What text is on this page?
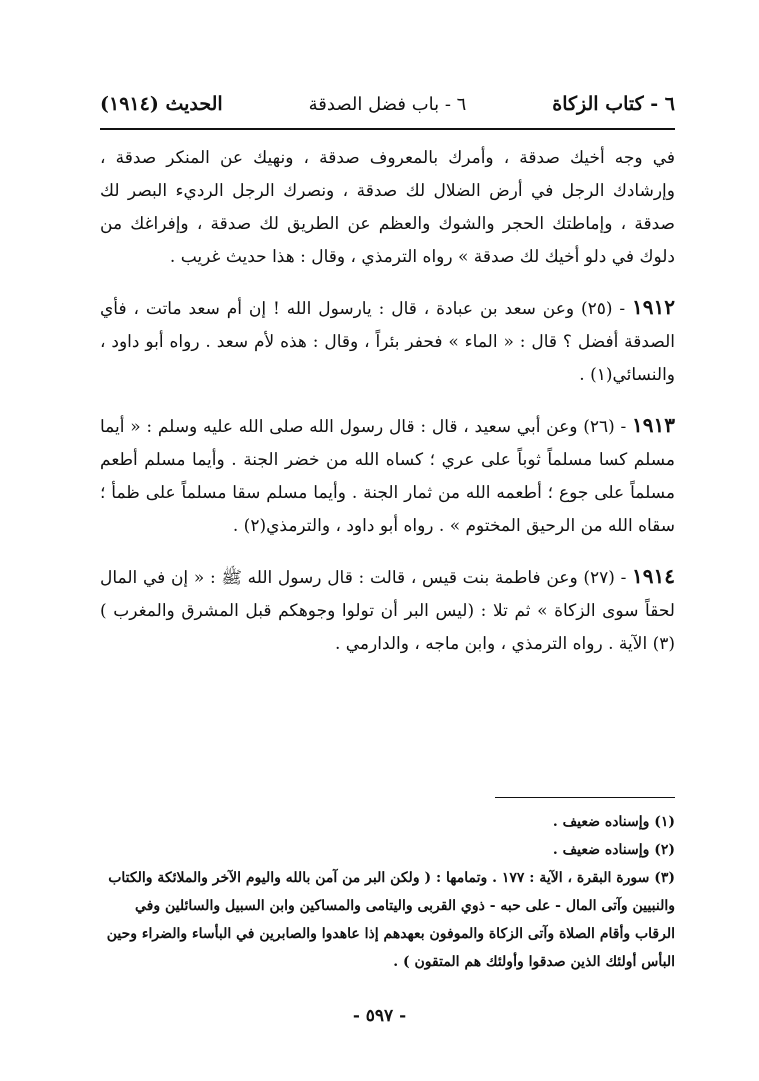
٦ - كتاب الزكاة
٦ - باب فضل الصدقة
الحديث (١٩١٤)

في وجه أخيك صدقة ، وأمرك بالمعروف صدقة ، ونهيك عن المنكر صدقة ، وإرشادك الرجل في أرض الضلال لك صدقة ، ونصرك الرجل الرديء البصر لك صدقة ، وإماطتك الحجر والشوك والعظم عن الطريق لك صدقة ، وإفراغك من دلوك في دلو أخيك لك صدقة » رواه الترمذي ، وقال : هذا حديث غريب .

١٩١٢ - (٢٥) وعن سعد بن عبادة ، قال : يارسول الله ! إن أم سعد ماتت ، فأي الصدقة أفضل ؟ قال : « الماء » فحفر بئراً ، وقال : هذه لأم سعد . رواه أبو داود ، والنسائي(١) .

١٩١٣ - (٢٦) وعن أبي سعيد ، قال : قال رسول الله صلى الله عليه وسلم : « أيما مسلم كسا مسلماً ثوباً على عري ؛ كساه الله من خضر الجنة . وأيما مسلم أطعم مسلماً على جوع ؛ أطعمه الله من ثمار الجنة . وأيما مسلم سقا مسلماً على ظمأ ؛ سقاه الله من الرحيق المختوم » . رواه أبو داود ، والترمذي(٢) .

١٩١٤ - (٢٧) وعن فاطمة بنت قيس ، قالت : قال رسول الله ﷺ : « إن في المال لحقاً سوى الزكاة » ثم تلا : (ليس البر أن تولوا وجوهكم قبل المشرق والمغرب )(٣) الآية . رواه الترمذي ، وابن ماجه ، والدارمي .

(١) وإسناده ضعيف .

(٢) وإسناده ضعيف .

(٣) سورة البقرة ، الآية : ١٧٧ . وتمامها : ( ولكن البر من آمن بالله واليوم الآخر والملائكة والكتاب والنبيين وآتى المال - على حبه - ذوي القربى واليتامى والمساكين وابن السبيل والسائلين وفي الرقاب وأقام الصلاة وآتى الزكاة والموفون بعهدهم إذا عاهدوا والصابرين في البأساء والضراء وحين البأس أولئك الذين صدقوا وأولئك هم المتقون ) .

- ٥٩٧ -
